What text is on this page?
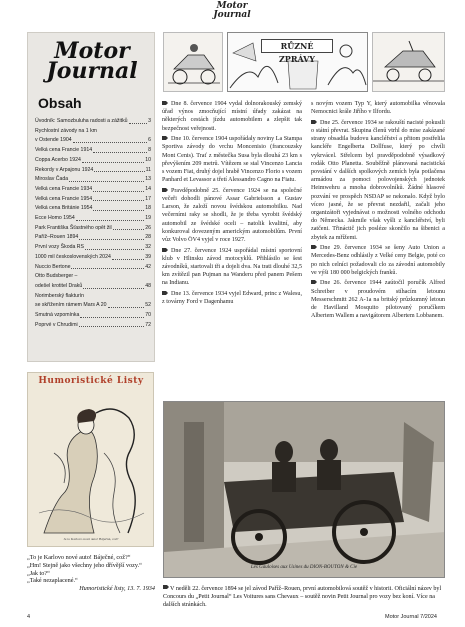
Motor
Journal
Motor
Journal
Obsah
Úvodník: Samozbuluha radosti a zážitků	3
Rychlostní závody na 1 km
v Ostende 1904	6
Velká cena Francie 1914	8
Coppa Acerbo 1924	10
Rekordy v Arpajonu 1924	11
Miroslav Čada	13
Velká cena Francie 1934	14
Velká cena Francie 1954	17
Velká cena Británie 1954	18
Ecce Homo 1954	19
Park Františka Šťastného opět žil	26
Paříž–Rouen 1894	28
První vozy Škoda RS	32
1000 mil československých 2024	39
Nuccio Bertone	42
Otto Budsberger –
odešel krotitel Draků	48
Norimberský flakturín
se skřížením rámem Mars A 20	52
Smutná vzpomínka	70
Poprvé v Chrudimi	72
Humoristické Listy
Je to Karlovo nové auto! Báječné, což?
„To je Karlovo nové auto! Báječné, což?“
„Hm! Stejně jako všechny jeho dřívější vozy.“
„Jak to?“
„Také nezaplacené.“
Humoristické listy, 13. 7. 1934
RŮZNÉ ZPRÁVY

Dne 8. července 1904 vydal dolnorakouský zemský úřad výnos zmocňující místní úřady zakázat na některých cestách jízdu automobilem a zlepšit tak bezpečnost veřejnosti.

Dne 10. července 1904 uspořádaly noviny La Stampa Sportiva závody do vrchu Moncenisio (francouzsky Mont Cenis). Trať z městečka Susa byla dlouhá 23 km s převýšením 209 metrů. Vítězem se stal Vincenzo Lancia s vozem Fiat, druhý dojel hrabě Vincenzo Florio s vozem Panhard et Levassor a třetí Alessandro Cagno na Fiatu.

Pravděpodobně 25. července 1924 se na společné večeři dohodli pánové Assar Gabrielsson a Gustav Larson, že založí novou švédskou automobilku. Nad večerními raky se shodli, že je třeba vyrobit švédský automobil ze švédské oceli – natolik kvalitní, aby konkuroval dovezeným americkým automobilům. První vůz Volvo ÖV4 vyjel v roce 1927.

Dne 27. července 1924 uspořádal místní sportovní klub v Hlinsku závod motocyklů. Přihlásilo se šest závodníků, startovali tři a dojeli dva. Na trati dlouhé 32,5 km zvítězil pan Pujman na Wanderu před panem Pešem na Indianu.

Dne 13. července 1934 vyjel Edward, princ z Walesu, z továrny Ford v Dagenhamu

s novým vozem Typ Y, který automobilka věnovala Nemocnici krále Jiřího v Ilfordu.

Dne 25. července 1934 se rakouští nacisté pokusili o státní převrat. Skupina členů vtrhl do mise zakázané strany obsadila budovu kancléřství a přitom postřelila kancléře Engelberta Dollfuse, který po chvíli vykrvácel. Střelcem byl pravděpodobně výsadkový rodák Otto Planetta. Souběžně plánovaná nacistická povstání v dalších spolkových zemích byla potlačena armádou za pomoci polovojenských jednotek Heimwehru a mnoha dobrovolníků. Žádné hlasové pozvání ve prospěch NSDAP se nekonalo. Když bylo víceo jasné, že se převrat nezdařil, začali jeho organizátoři vyjednávat o možnosti volného odchodu do Německa. Jakmile však vyšli z kancléřství, byli zatčeni. Třináctič jich posléze skončilo na šibenici a zbytek za mřížemi.

Dne 29. července 1934 se šeny Auto Union a Mercedes-Benz odhlásily z Velké ceny Belgie, poté co po nich celníci požadovali clo za závodní automobily ve výši 180 000 belgických franků.

Dne 26. července 1944 zaútočil poručík Alfred Schreiber v proudovém stíhacím letounu Messerschmitt 262 A-1a na britský průzkumný letoun de Havilland Mosquito pilotovaný poručíkem Albertem Wallem a navigátorem Albertem Lobbanem.

Les Gauloises aux Usines du DION-BOUTON & Cie
V neděli 22. července 1894 se jel závod Paříž–Rouen, první automobilová soutěž v historii. Oficiální název byl Concours du „Petit Journal“ Les Voitures sans Chevaux – soutěž novin Petit Journal pro vozy bez koní. Více na dalších stránkách.
4	Motor Journal 7/2024
